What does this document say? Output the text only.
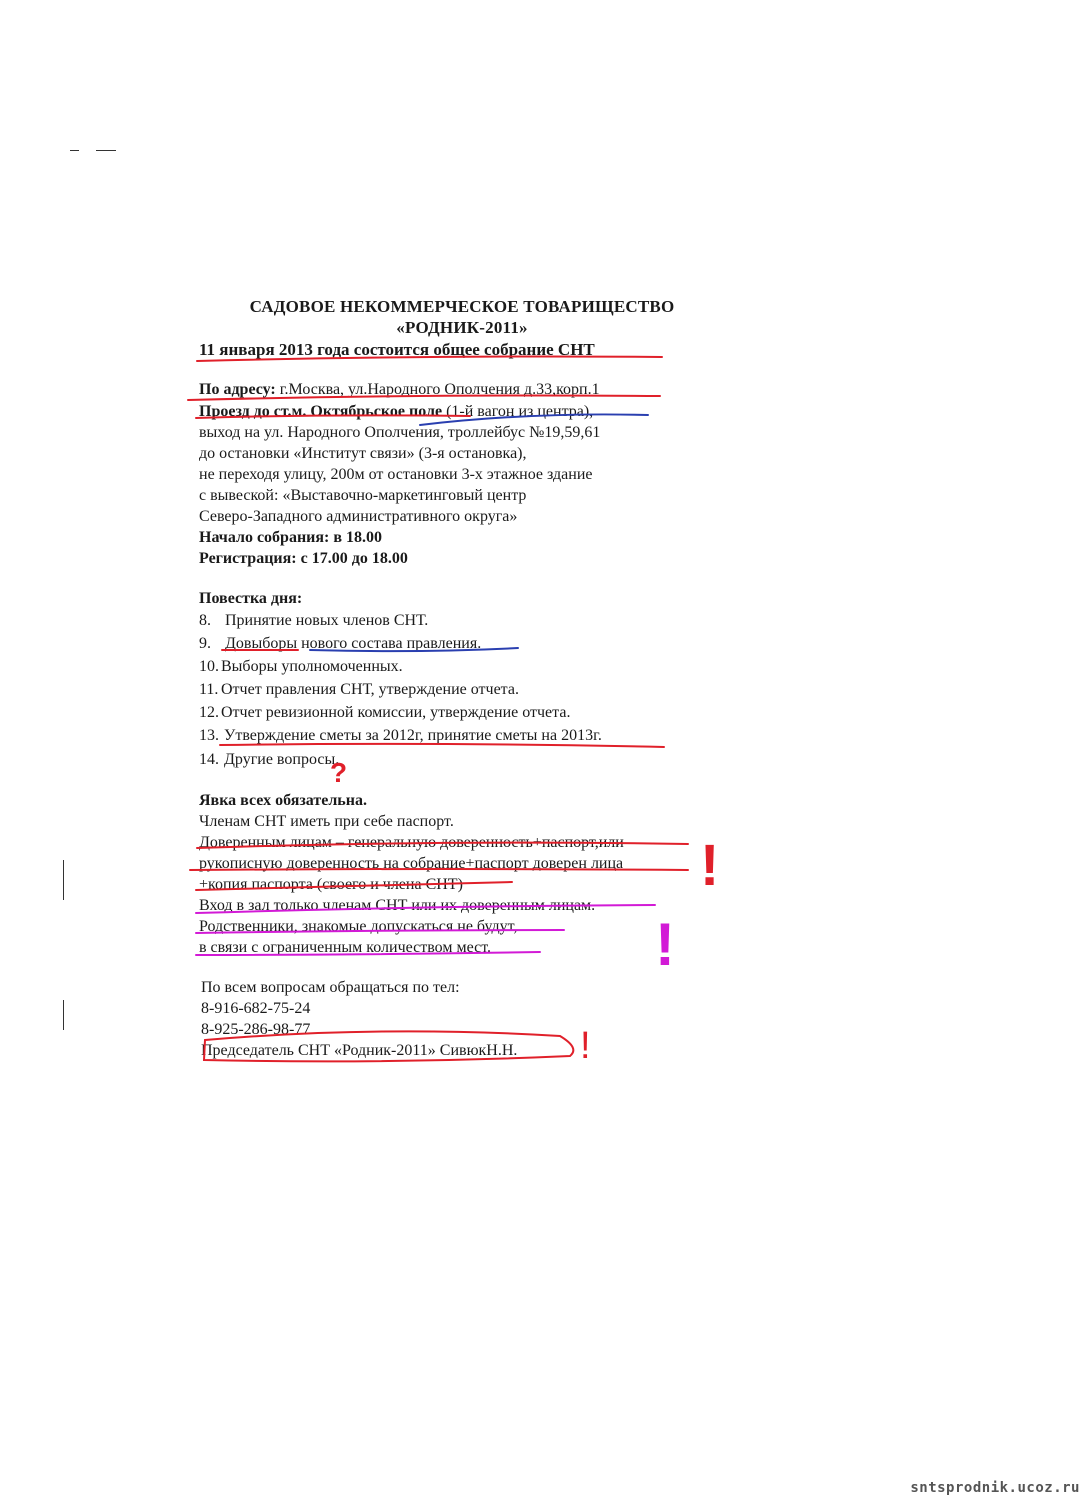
САДОВОЕ НЕКОММЕРЧЕСКОЕ ТОВАРИЩЕСТВО
«РОДНИК-2011»
11 января 2013 года состоится общее собрание СНТ
По адресу: г.Москва, ул.Народного Ополчения д.33,корп.1
Проезд до ст.м. Октябрьское поле (1-й вагон из центра),
выход на ул. Народного Ополчения, троллейбус №19,59,61
до остановки «Институт связи» (3-я остановка),
не переходя улицу, 200м от остановки 3-х этажное здание
с вывеской: «Выставочно-маркетинговый центр
Северо-Западного административного округа»
Начало собрания: в 18.00
Регистрация: с 17.00 до 18.00
Повестка дня:
8. Принятие новых членов СНТ.
9. Довыборы нового состава правления.
10. Выборы уполномоченных.
11. Отчет правления СНТ, утверждение отчета.
12. Отчет ревизионной комиссии, утверждение отчета.
13. Утверждение сметы за 2012г, принятие сметы на 2013г.
14. Другие вопросы.
Явка всех обязательна.
Членам СНТ иметь при себе паспорт.
Доверенным лицам – генеральную доверенность+паспорт,или
рукописную доверенность на собрание+паспорт доверен лица
+копия паспорта (своего и члена СНТ)
Вход в зал только членам СНТ или их доверенным лицам.
Родственники, знакомые допускаться не будут,
в связи с ограниченным количеством мест.
По всем вопросам обращаться по тел:
8-916-682-75-24
8-925-286-98-77
Председатель СНТ «Родник-2011» СивюкН.Н.
?
!
!
!
sntsprodnik.ucoz.ru
